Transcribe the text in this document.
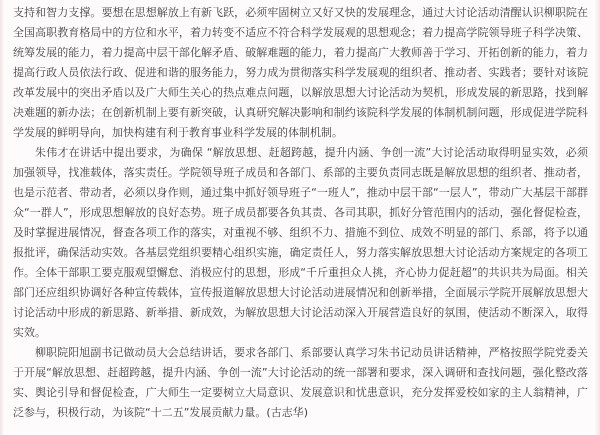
支持和智力支撑。要想在思想解放上有新飞跃，必须牢固树立又好又快的发展理念，通过大讨论活动清醒认识柳职院在全国高职教育格局中的方位和水平，着力转变不适应不符合科学发展观的思想观念；着力提高学院领导班子科学决策、统筹发展的能力，着力提高中层干部化解矛盾、破解难题的能力，着力提高广大教师善于学习、开拓创新的能力，着力提高行政人员依法行政、促进和谐的服务能力，努力成为贯彻落实科学发展观的组织者、推动者、实践者；要针对该院改革发展中的突出矛盾以及广大师生关心的热点难点问题，以解放思想大讨论活动为契机，形成发展的新思路，找到解决难题的新办法；在创新机制上要有新突破，认真研究解决影响和制约该院科学发展的体制机制问题，形成促进学院科学发展的鲜明导向，加快构建有利于教育事业科学发展的体制机制。

朱伟才在讲话中提出要求，为确保 “解放思想、赶超跨越，提升内涵、争创一流”大讨论活动取得明显实效，必须加强领导，找准载体，落实责任。学院领导班子成员和各部门、系部的主要负责同志既是解放思想的组织者、推动者，也是示范者、带动者，必须以身作则，通过集中抓好领导班子“一班人”，推动中层干部“一层人”，带动广大基层干部群众“一群人”，形成思想解放的良好态势。班子成员都要各负其责、各司其职，抓好分管范围内的活动，强化督促检查，及时掌握进展情况，督查各项工作的落实，对重视不够、组织不力、措施不到位、成效不明显的部门、系部，将予以通报批评，确保活动实效。各基层党组织要精心组织实施，确定责任人，努力落实解放思想大讨论活动方案规定的各项工作。全体干部职工要克服观望懈怠、消极应付的思想，形成“千斤重担众人挑，齐心协力促赶超”的共识共为局面。相关部门还应组织协调好各种宣传载体，宣传报道解放思想大讨论活动进展情况和创新举措，全面展示学院开展解放思想大讨论活动中形成的新思路、新举措、新成效，为解放思想大讨论活动深入开展营造良好的氛围，使活动不断深入，取得实效。

柳职院阳旭副书记做动员大会总结讲话，要求各部门、系部要认真学习朱书记动员讲话精神，严格按照学院党委关于开展“解放思想、赶超跨越，提升内涵、争创一流”大讨论活动的统一部署和要求，深入调研和查找问题，强化整改落实、舆论引导和督促检查，广大师生一定要树立大局意识、发展意识和忧患意识，充分发挥爱校如家的主人翁精神，广泛参与，积极行动，为该院“十二五”发展贡献力量。(古志华)
